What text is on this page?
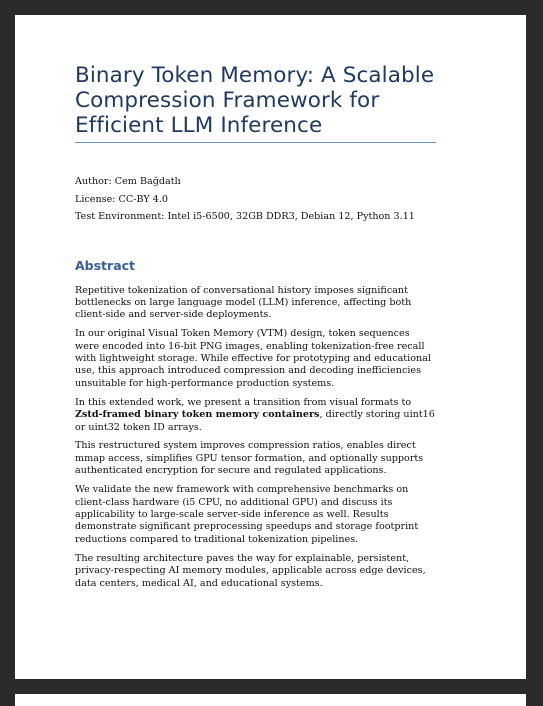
Binary Token Memory: A Scalable Compression Framework for Efficient LLM Inference
Author: Cem Bağdatlı
License: CC-BY 4.0
Test Environment: Intel i5-6500, 32GB DDR3, Debian 12, Python 3.11
Abstract

Repetitive tokenization of conversational history imposes significant bottlenecks on large language model (LLM) inference, affecting both client-side and server-side deployments.

In our original Visual Token Memory (VTM) design, token sequences were encoded into 16-bit PNG images, enabling tokenization-free recall with lightweight storage. While effective for prototyping and educational use, this approach introduced compression and decoding inefficiencies unsuitable for high-performance production systems.

In this extended work, we present a transition from visual formats to Zstd-framed binary token memory containers, directly storing uint16 or uint32 token ID arrays.

This restructured system improves compression ratios, enables direct mmap access, simplifies GPU tensor formation, and optionally supports authenticated encryption for secure and regulated applications.

We validate the new framework with comprehensive benchmarks on client-class hardware (i5 CPU, no additional GPU) and discuss its applicability to large-scale server-side inference as well. Results demonstrate significant preprocessing speedups and storage footprint reductions compared to traditional tokenization pipelines.

The resulting architecture paves the way for explainable, persistent, privacy-respecting AI memory modules, applicable across edge devices, data centers, medical AI, and educational systems.
